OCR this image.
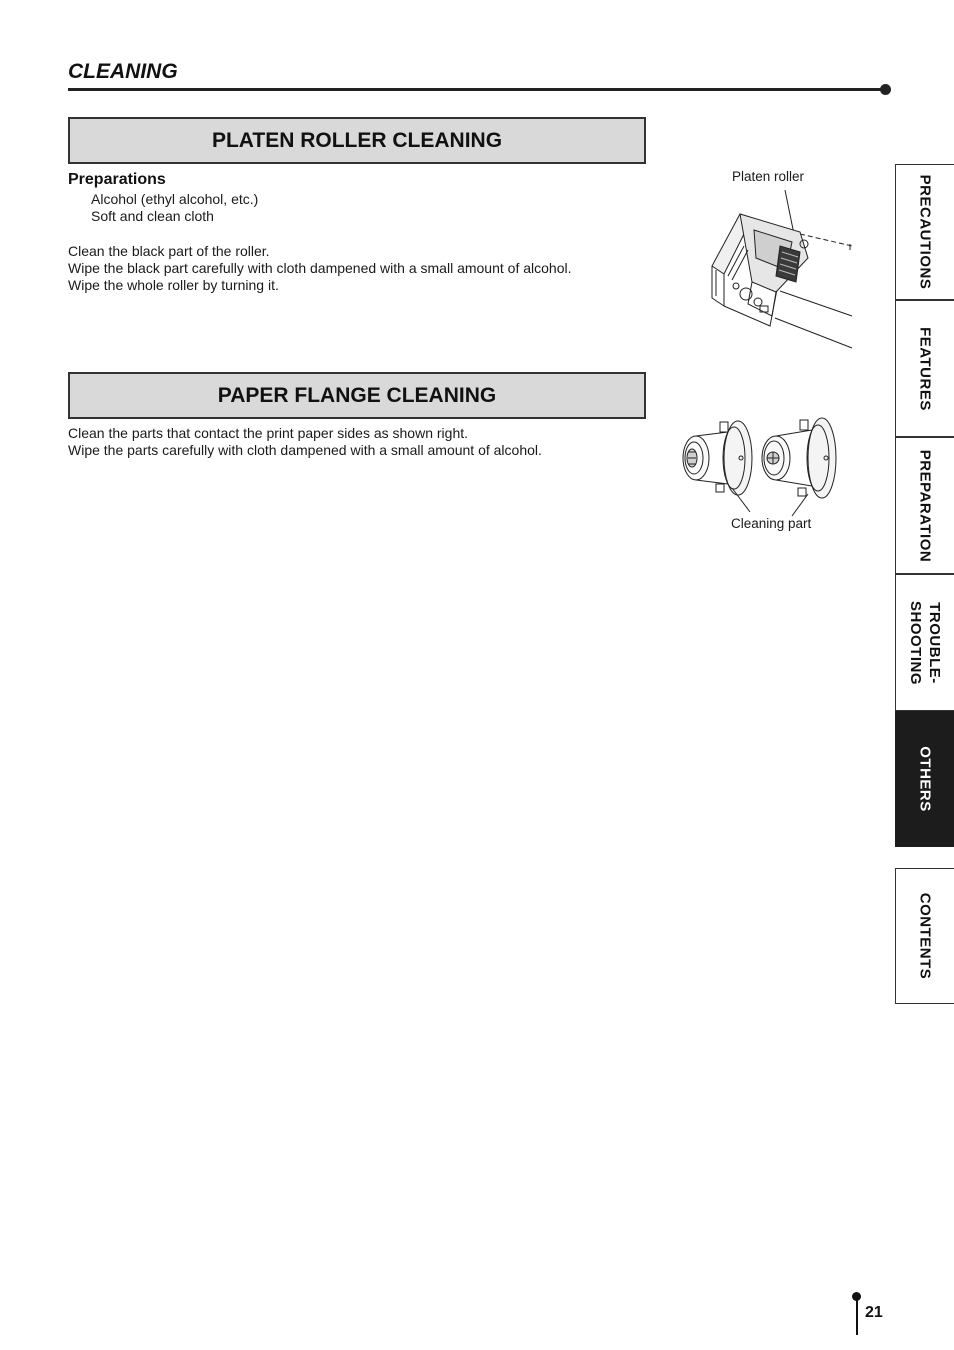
CLEANING
PLATEN ROLLER CLEANING
Preparations
Alcohol (ethyl alcohol, etc.)
Soft and clean cloth
Clean the black part of the roller.
Wipe the black part carefully with cloth dampened with a small amount of alcohol.
Wipe the whole roller by turning it.
Platen roller
PAPER FLANGE CLEANING
Clean the parts that contact the print paper sides as shown right.
Wipe the parts carefully with cloth dampened with a small amount of alcohol.
Cleaning part
PRECAUTIONS
FEATURES
PREPARATION
TROUBLE-
SHOOTING
OTHERS
CONTENTS
21
